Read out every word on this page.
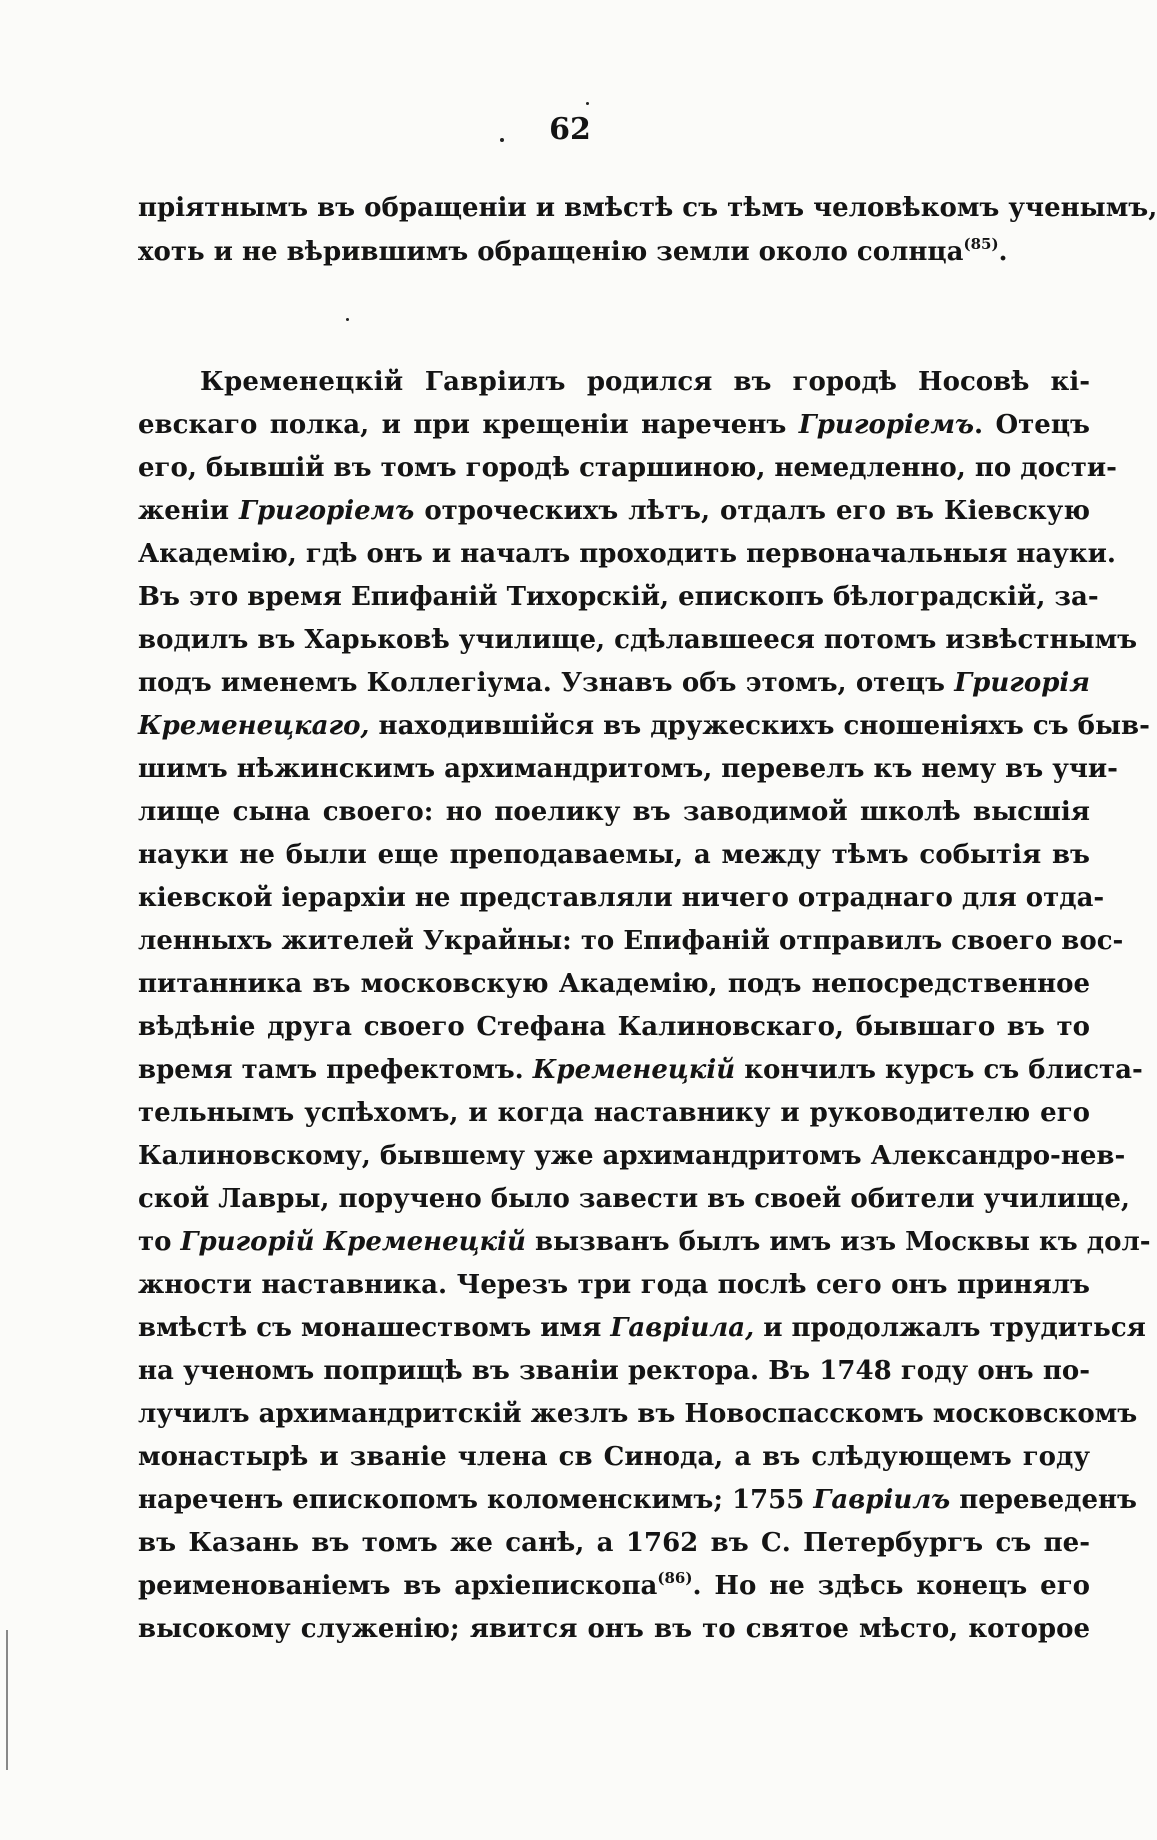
62
пріятнымъ въ обращеніи и вмѣстѣ съ тѣмъ человѣкомъ ученымъ,
хоть и не вѣрившимъ обращенію земли около солнца$^{(85)}$.
Кременецкій Гавріилъ родился въ городѣ Носовѣ кі-
евскаго полка, и при крещеніи нареченъ Григоріемъ. Отецъ
его, бывшій въ томъ городѣ старшиною, немедленно, по дости-
женіи Григоріемъ отроческихъ лѣтъ, отдалъ его въ Кіевскую
Академію, гдѣ онъ и началъ проходить первоначальныя науки.
Въ это время Епифаній Тихорскій, епископъ бѣлоградскій, за-
водилъ въ Харьковѣ училище, сдѣлавшееся потомъ извѣстнымъ
подъ именемъ Коллегіума. Узнавъ объ этомъ, отецъ Григорія
Кременецкаго, находившійся въ дружескихъ сношеніяхъ съ быв-
шимъ нѣжинскимъ архимандритомъ, перевелъ къ нему въ учи-
лище сына своего: но поелику въ заводимой школѣ высшія
науки не были еще преподаваемы, а между тѣмъ событія въ
кіевской іерархіи не представляли ничего отраднаго для отда-
ленныхъ жителей Украйны: то Епифаній отправилъ своего вос-
питанника въ московскую Академію, подъ непосредственное
вѣдѣніе друга своего Стефана Калиновскаго, бывшаго въ то
время тамъ префектомъ. Кременецкій кончилъ курсъ съ блиста-
тельнымъ успѣхомъ, и когда наставнику и руководителю его
Калиновскому, бывшему уже архимандритомъ Александро-нев-
ской Лавры, поручено было завести въ своей обители училище,
то Григорій Кременецкій вызванъ былъ имъ изъ Москвы къ дол-
жности наставника. Черезъ три года послѣ сего онъ принялъ
вмѣстѣ съ монашествомъ имя Гавріила, и продолжалъ трудиться
на ученомъ поприщѣ въ званіи ректора. Въ 1748 году онъ по-
лучилъ архимандритскій жезлъ въ Новоспасскомъ московскомъ
монастырѣ и званіе члена св Синода, а въ слѣдующемъ году
нареченъ епископомъ коломенскимъ; 1755 Гавріилъ переведенъ
въ Казань въ томъ же санѣ, а 1762 въ С. Петербургъ съ пе-
реименованіемъ въ архіепископа$^{(86)}$. Но не здѣсь конецъ его
высокому служенію; явится онъ въ то святое мѣсто, которое
